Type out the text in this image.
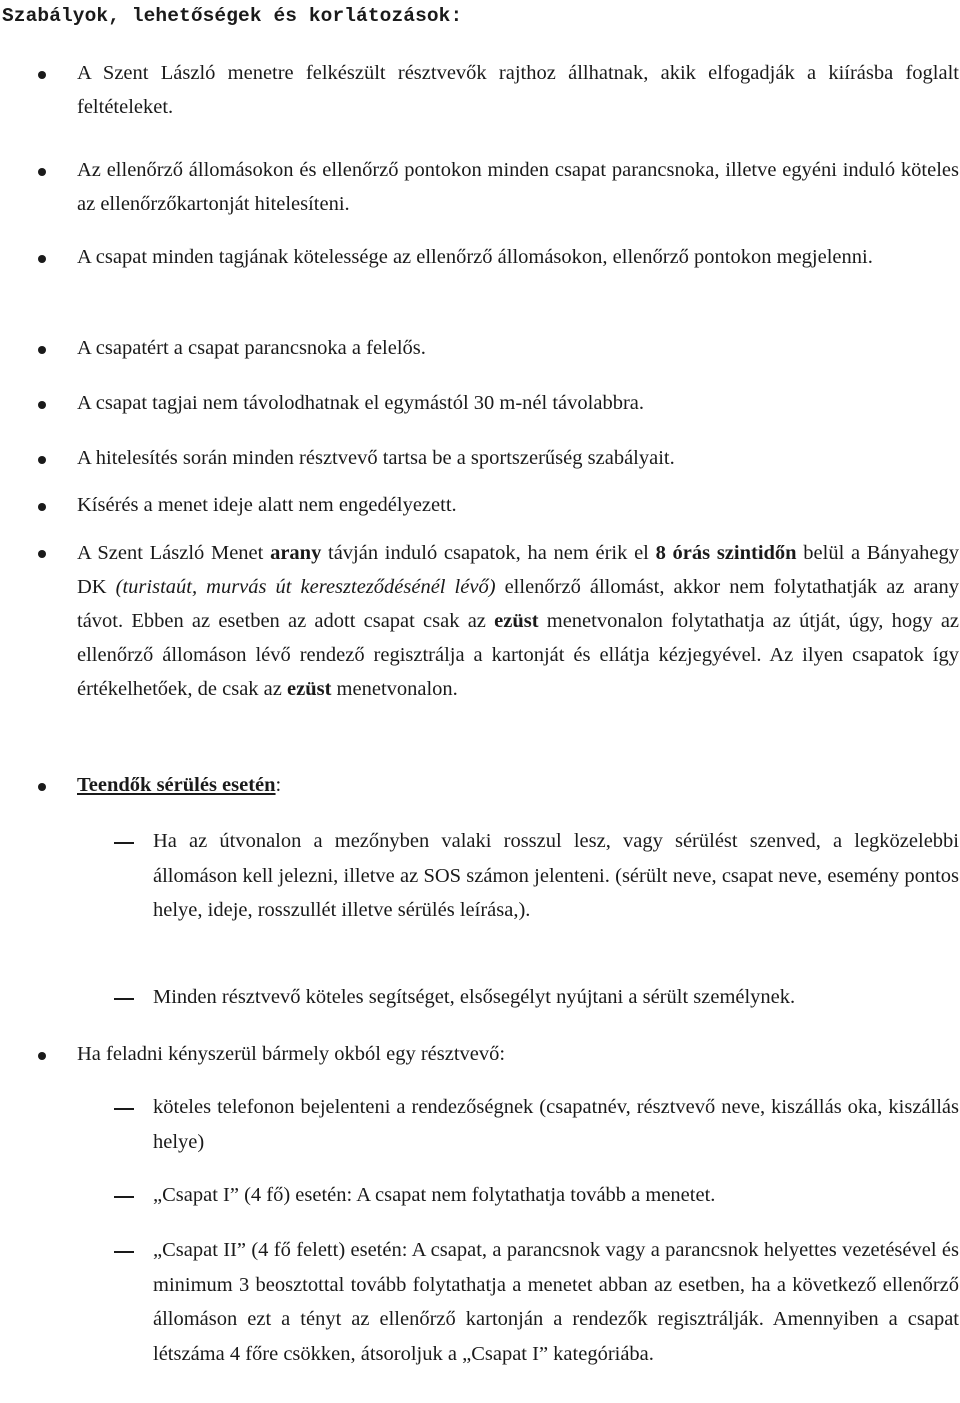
Szabályok, lehetőségek és korlátozások:
A Szent László menetre felkészült résztvevők rajthoz állhatnak, akik elfogadják a kiírásba foglalt feltételeket.
Az ellenőrző állomásokon és ellenőrző pontokon minden csapat parancsnoka, illetve egyéni induló köteles az ellenőrzőkartonját hitelesíteni.
A csapat minden tagjának kötelessége az ellenőrző állomásokon, ellenőrző pontokon megjelenni.
A csapatért a csapat parancsnoka a felelős.
A csapat tagjai nem távolodhatnak el egymástól 30 m-nél távolabbra.
A hitelesítés során minden résztvevő tartsa be a sportszerűség szabályait.
Kísérés a menet ideje alatt nem engedélyezett.
A Szent László Menet arany távján induló csapatok, ha nem érik el 8 órás szintidőn belül a Bányahegy DK (turistaút, murvás út kereszteződésénél lévő) ellenőrző állomást, akkor nem folytathatják az arany távot. Ebben az esetben az adott csapat csak az ezüst menetvonalon folytathatja az útját, úgy, hogy az ellenőrző állomáson lévő rendező regisztrálja a kartonját és ellátja kézjegyével. Az ilyen csapatok így értékelhetőek, de csak az ezüst menetvonalon.
Teendők sérülés esetén:
Ha az útvonalon a mezőnyben valaki rosszul lesz, vagy sérülést szenved, a legközelebbi állomáson kell jelezni, illetve az SOS számon jelenteni. (sérült neve, csapat neve, esemény pontos helye, ideje, rosszullét illetve sérülés leírása,).
Minden résztvevő köteles segítséget, elsősegélyt nyújtani a sérült személynek.
Ha feladni kényszerül bármely okból egy résztvevő:
köteles telefonon bejelenteni a rendezőségnek (csapatnév, résztvevő neve, kiszállás oka, kiszállás helye)
„Csapat I” (4 fő) esetén: A csapat nem folytathatja tovább a menetet.
„Csapat II” (4 fő felett) esetén: A csapat, a parancsnok vagy a parancsnok helyettes vezetésével és minimum 3 beosztottal tovább folytathatja a menetet abban az esetben, ha a következő ellenőrző állomáson ezt a tényt az ellenőrző kartonján a rendezők regisztrálják. Amennyiben a csapat létszáma 4 főre csökken, átsoroljuk a „Csapat I” kategóriába.
